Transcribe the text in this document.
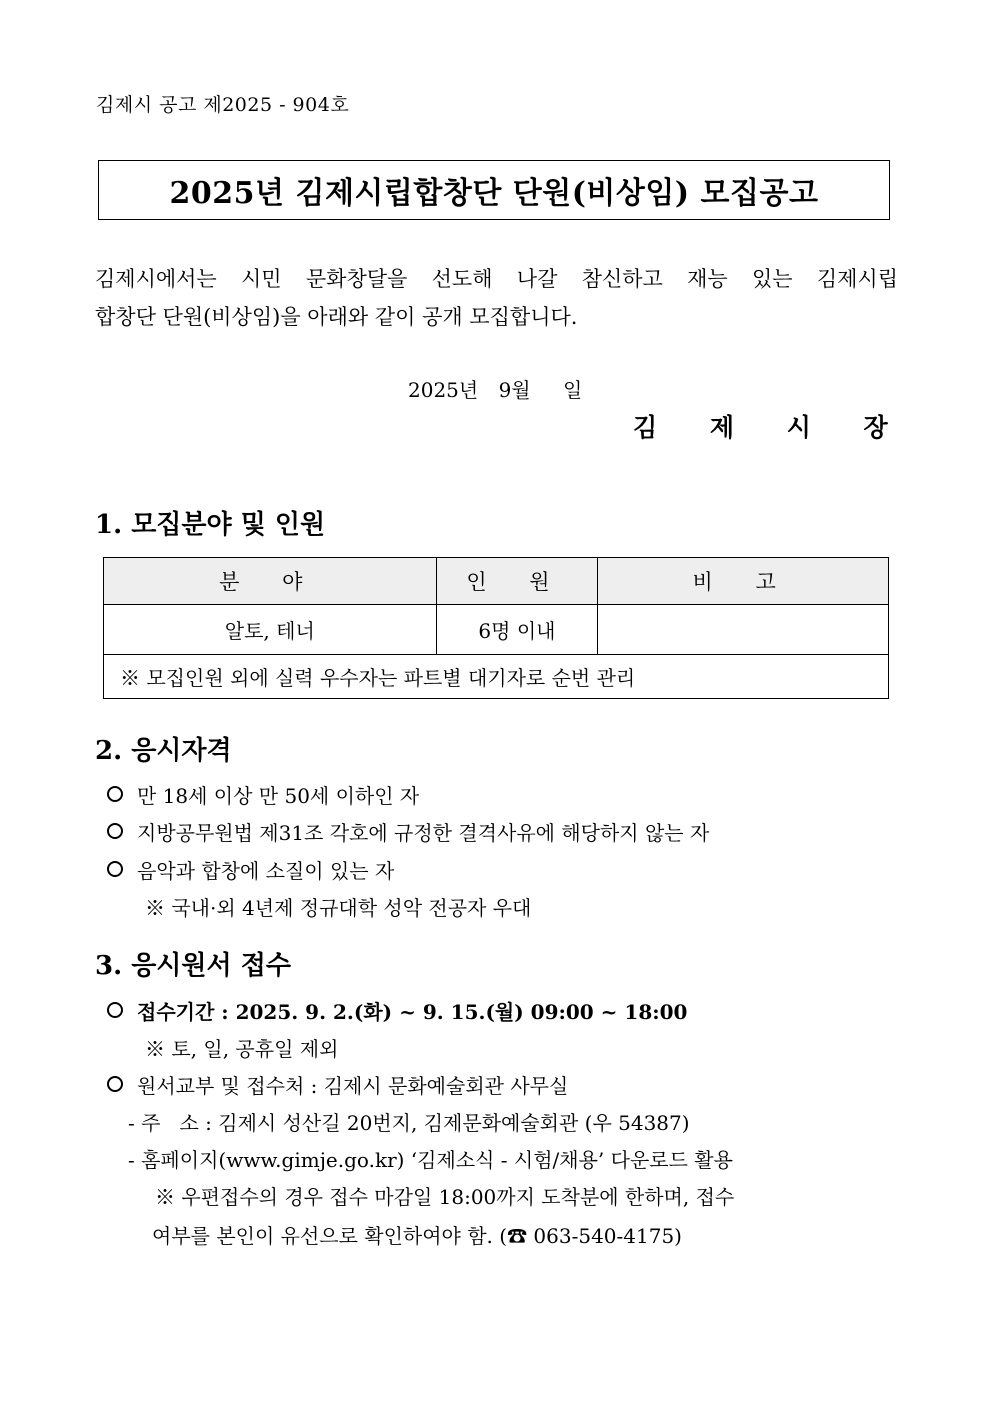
김제시 공고 제2025 - 904호
2025년 김제시립합창단 단원(비상임) 모집공고
김제시에서는 시민 문화창달을 선도해 나갈 참신하고 재능 있는 김제시립
합창단 단원(비상임)을 아래와 같이 공개 모집합니다.
2025년 9월 일
김 제 시 장
1. 모집분야 및 인원
분 야	인 원	비 고
알토, 테너	6명 이내	
※ 모집인원 외에 실력 우수자는 파트별 대기자로 순번 관리		
2. 응시자격
만 18세 이상 만 50세 이하인 자
지방공무원법 제31조 각호에 규정한 결격사유에 해당하지 않는 자
음악과 합창에 소질이 있는 자
※ 국내·외 4년제 정규대학 성악 전공자 우대
3. 응시원서 접수
접수기간 : 2025. 9. 2.(화) ~ 9. 15.(월) 09:00 ~ 18:00
※ 토, 일, 공휴일 제외
원서교부 및 접수처 : 김제시 문화예술회관 사무실
- 주   소 : 김제시 성산길 20번지, 김제문화예술회관 (우 54387)
- 홈페이지(www.gimje.go.kr) ‘김제소식 - 시험/채용’ 다운로드 활용
※ 우편접수의 경우 접수 마감일 18:00까지 도착분에 한하며, 접수
여부를 본인이 유선으로 확인하여야 함. (☎ 063-540-4175)
